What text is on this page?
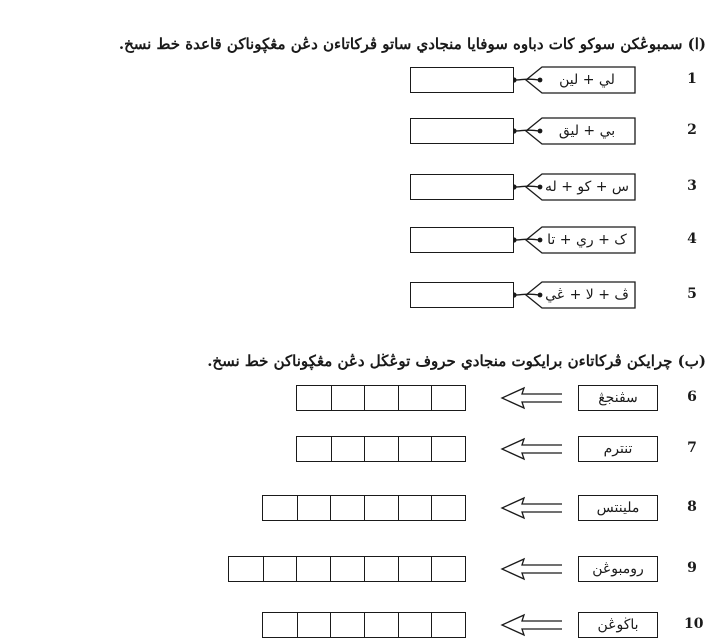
(ا) سمبوڠكن سوكو كات دباوه سوفايا منجادي ساتو ڤركاتاءن دڠن مڠڮوناكن قاعدة خط نسخ.
1
لي + لين
2
بي + ليق
3
س + كو + له
4
ک + ري + تا
5
ڤ + لا + ڠي
(ب) چرايكن ڤركاتاءن برايكوت منجادي حروف توڠڬل دڠن مڠڮوناكن خط نسخ.
6
سڤنجڠ
7
تنترم
8
ملينتس
9
رومبوڠن
10
باڬوڠن
